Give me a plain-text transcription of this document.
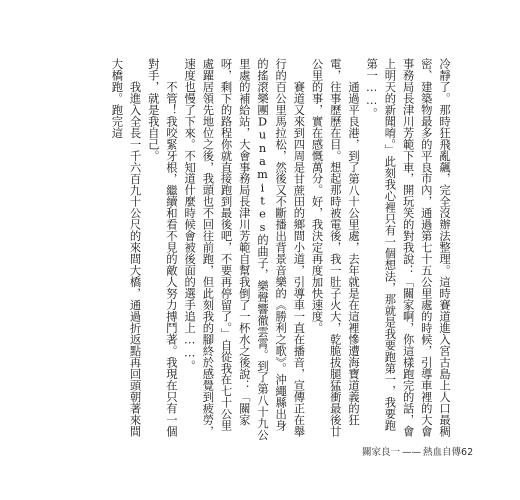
冷靜了。那時狂飛亂飆，完全沒辦法整理。這時賽道進入宮古島上人口最稠密、建築物最多的平良市內，通過第七十五公里處的時候，引導車裡的大會事務局長津川芳範下車，開玩笑的對我說：「關家啊，你這樣跑完的話，會上明天的新聞唷。」此刻我心裡只有一個想法，那就是我要跑第一，我要跑第一……。

通過平良港，到了第八十公里處，去年就是在這裡慘遭海寶道義的狂電，往事歷歷在目。想起那時被電後，我一肚子火大，乾脆拔腿猛衝最後廿公里的事，實在感慨萬分。好，我決定再度加快速度。

賽道又來到四周是甘蔗田的鄉間小道，引導車一直在播音，宣傳正在舉行的百公里馬拉松，然後又不斷播出背景音樂的《勝利之歌》。沖繩縣出身的搖滾樂團Dunamites的曲子，樂聲響徹雲霄。到了第八十九公里處的補給站，大會事務局長津川芳範自幫我倒了一杯水之後說：「關家呀，剩下的路程你就直接跑到最後吧，不要再停留了。」自從我在七十公里處躍居領先地位之後，我頭也不回往前跑，但此刻我的腳終於感覺到疲勞，速度也慢了下來。不知道什麼時候會被後面的選手追上……。

不管！我咬緊牙根，繼續和看不見的敵人努力搏鬥著。我現在只有一個對手，就是我自己。

我進入全長一千六百九十公尺的來間大橋，通過折返點再回頭朝著來間大橋跑。跑完這

關家良一 —— 熱血自傳62
